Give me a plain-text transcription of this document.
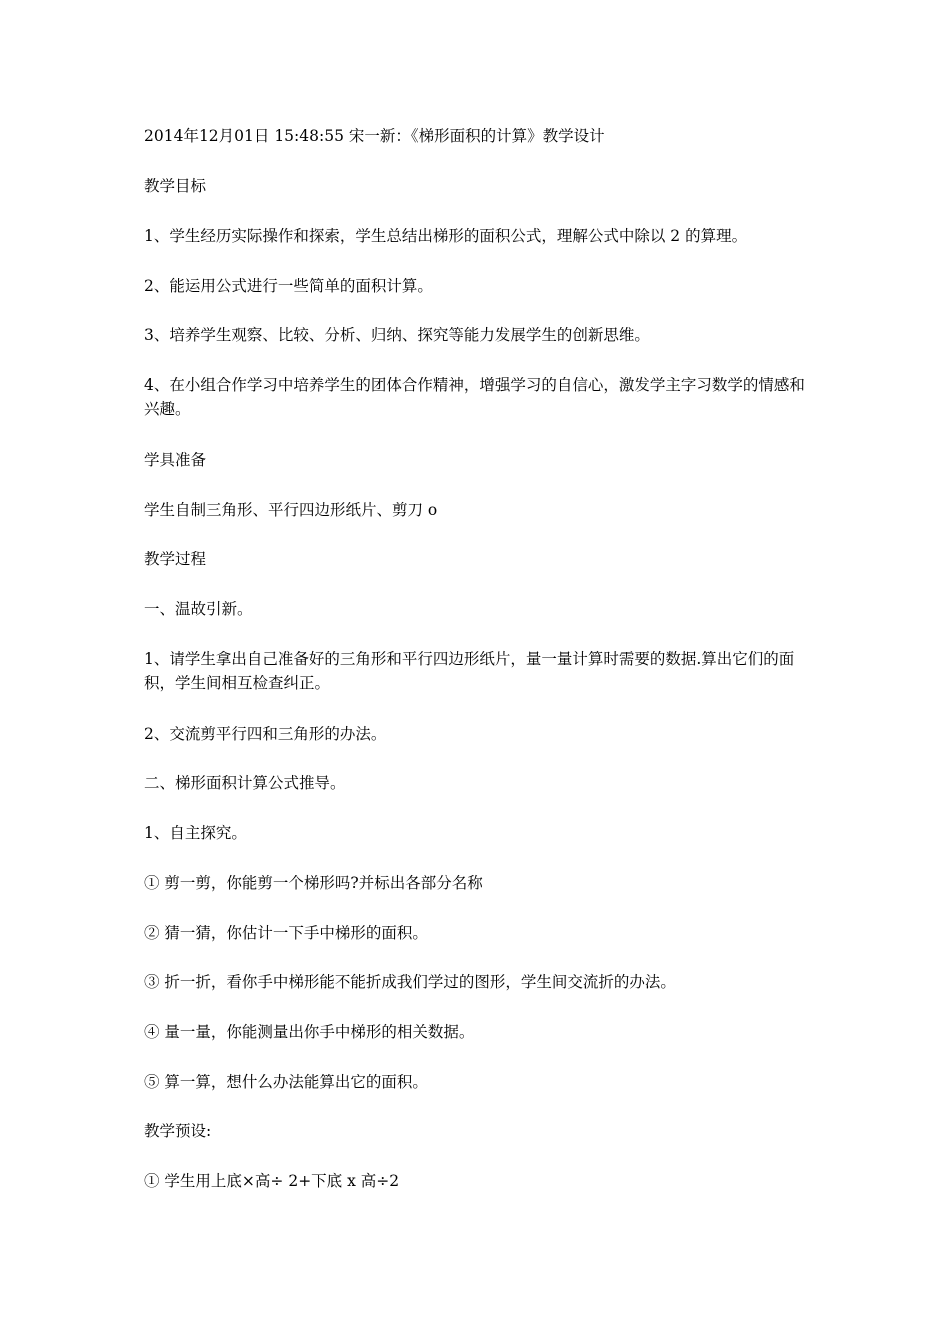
2014年12月01日 15:48:55 宋一新：《梯形面积的计算》教学设计

教学目标

1、学生经历实际操作和探索，学生总结出梯形的面积公式，理解公式中除以 2 的算理。

2、能运用公式进行一些简单的面积计算。

3、培养学生观察、比较、分析、归纳、探究等能力发展学生的创新思维。

4、在小组合作学习中培养学生的团体合作精神，增强学习的自信心，激发学主字习数学的情感和兴趣。

学具准备

学生自制三角形、平行四边形纸片、剪刀 o

教学过程

一、温故引新。

1、请学生拿出自己准备好的三角形和平行四边形纸片，量一量计算时需要的数据.算出它们的面积，学生间相互检查纠正。

2、交流剪平行四和三角形的办法。

二、梯形面积计算公式推导。

1、自主探究。

① 剪一剪，你能剪一个梯形吗?并标出各部分名称

② 猜一猜，你估计一下手中梯形的面积。

③ 折一折，看你手中梯形能不能折成我们学过的图形，学生间交流折的办法。

④ 量一量，你能测量出你手中梯形的相关数据。

⑤ 算一算，想什么办法能算出它的面积。

教学预设:

① 学生用上底×高÷ 2+下底 x 高÷2
